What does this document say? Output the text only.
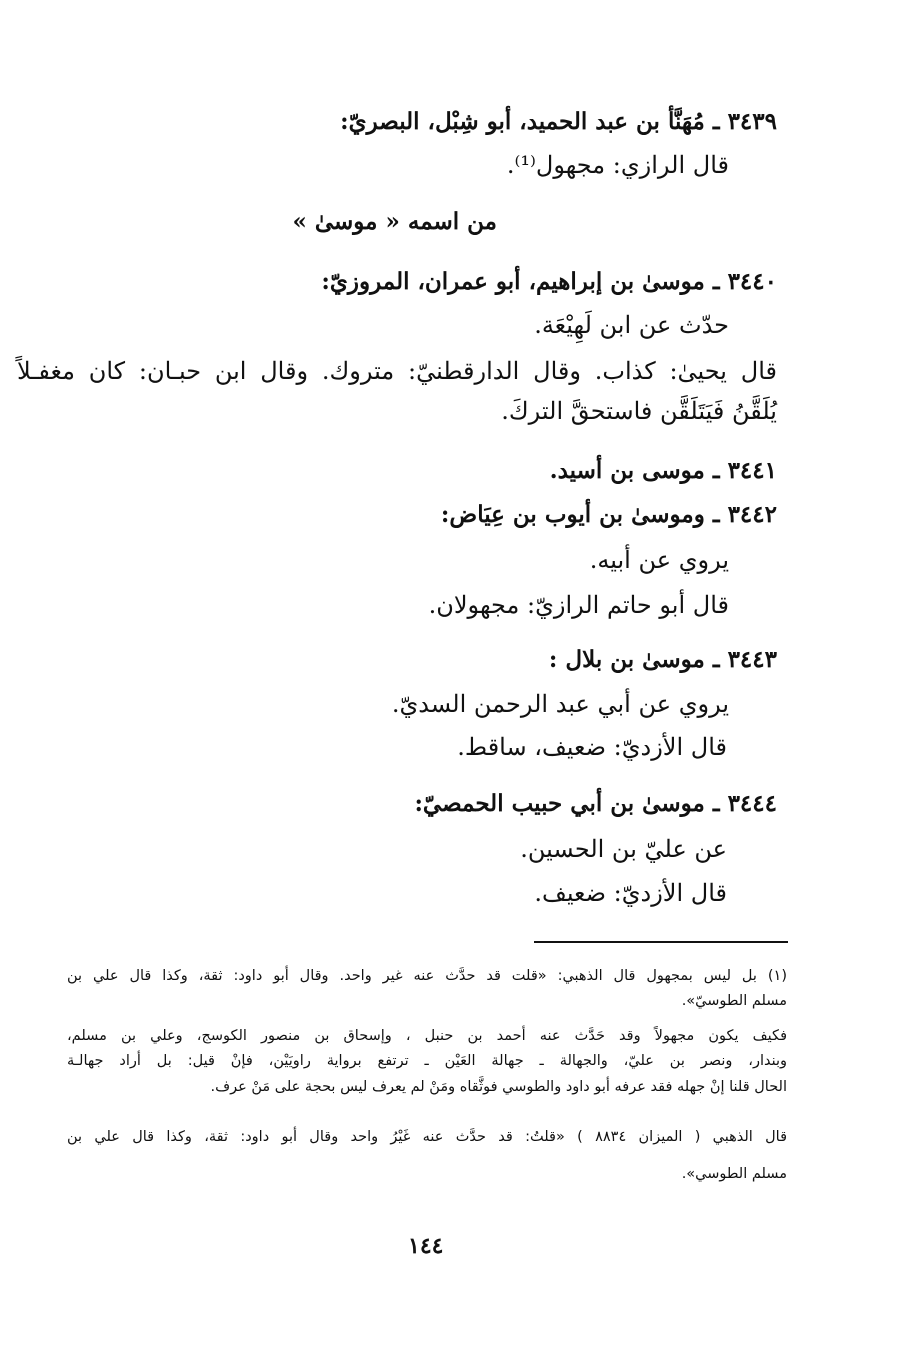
٣٤٣٩ ـ مُهَنَّأ بن عبد الحميد، أبو شِبْل، البصريّ:
قال الرازي: مجهول⁽¹⁾.
من اسمه « موسىٰ »
٣٤٤٠ ـ موسىٰ بن إبراهيم، أبو عمران، المروزيّ:
حدّث عن ابن لَهِيْعَة.
قال يحيىٰ: كذاب. وقال الدارقطنيّ: متروك. وقال ابن حبـان: كان مغفـلاً
يُلَقَّنُ فَيَتَلَقَّن فاستحقَّ التركَ.
٣٤٤١ ـ موسى بن أسيد.
٣٤٤٢ ـ وموسىٰ بن أيوب بن عِيَاض:
يروي عن أبيه.
قال أبو حاتم الرازيّ: مجهولان.
٣٤٤٣ ـ موسىٰ بن بلال :
يروي عن أبي عبد الرحمن السديّ.
قال الأزديّ: ضعيف، ساقط.
٣٤٤٤ ـ موسىٰ بن أبي حبيب الحمصيّ:
عن عليّ بن الحسين.
قال الأزديّ: ضعيف.
(١) بل ليس بمجهول قال الذهبي: «قلت قد حدَّث عنه غير واحد. وقال أبو داود: ثقة، وكذا قال علي بن
مسلم الطوسيّ».
فكيف يكون مجهولاً وقد حَدَّث عنه أحمد بن حنبل ، وإسحاق بن منصور الكوسج، وعلي بن مسلم،
وبندار، ونصر بن عليّ، والجهالة ـ جهالة العَيْن ـ ترتفع برواية راويَيْن، فإنْ قيل: بل أراد جهالـة
الحال قلنا إنْ جهله فقد عرفه أبو داود والطوسي فوثَّقاه ومَنْ لم يعرف ليس بحجة على مَنْ عرف.
قال الذهبي ( الميزان ٨٨٣٤ ) «قلتُ: قد حدَّث عنه غَيْرُ واحد وقال أبو داود: ثقة، وكذا قال علي بن
مسلم الطوسي».
١٤٤
